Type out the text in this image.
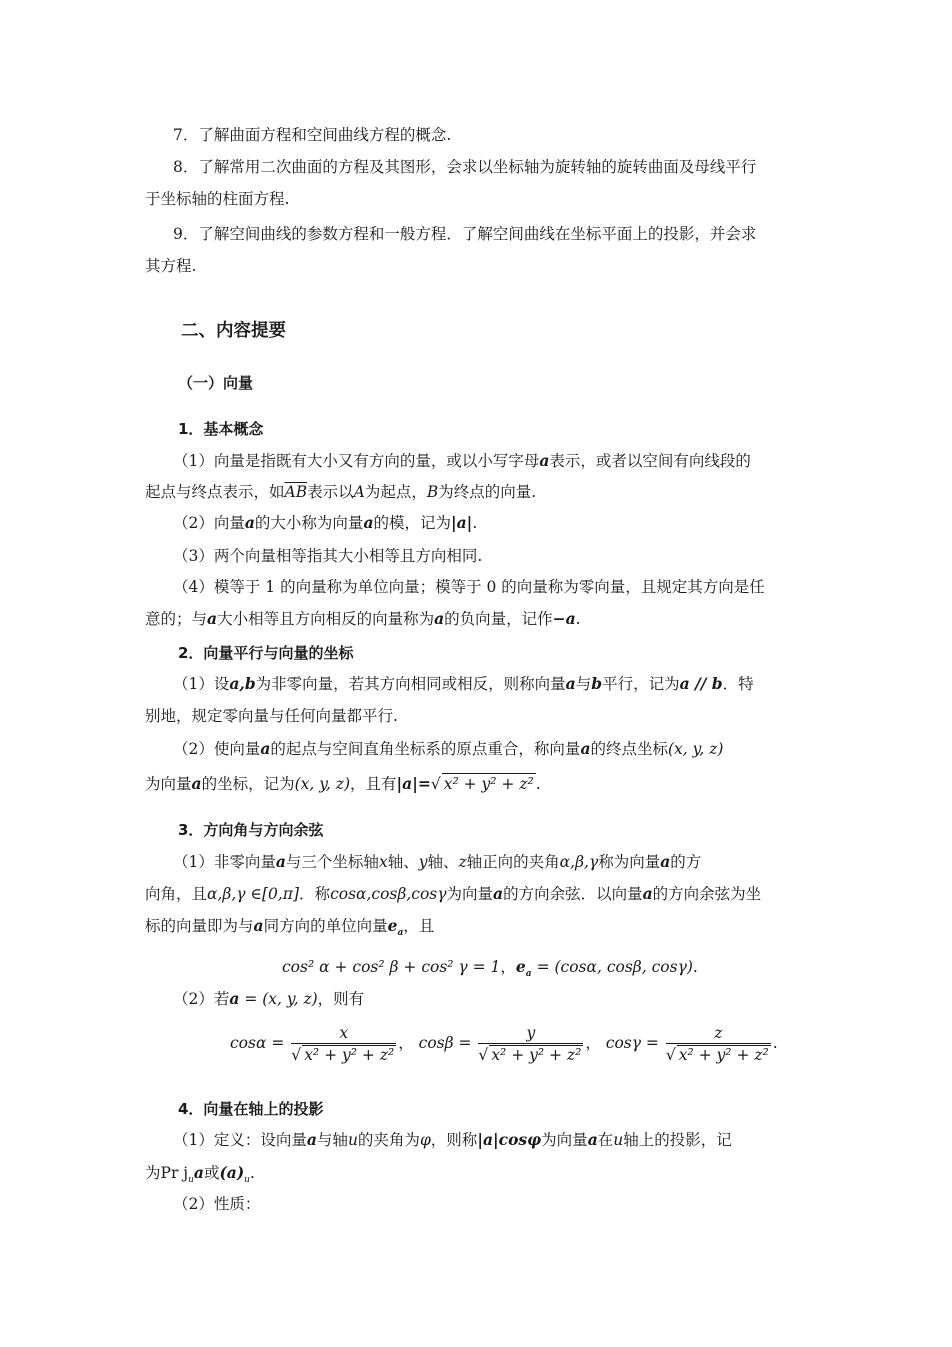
7．了解曲面方程和空间曲线方程的概念.
8．了解常用二次曲面的方程及其图形，会求以坐标轴为旋转轴的旋转曲面及母线平行
于坐标轴的柱面方程.
9．了解空间曲线的参数方程和一般方程．了解空间曲线在坐标平面上的投影，并会求
其方程.
二、内容提要
（一）向量
1．基本概念
（1）向量是指既有大小又有方向的量，或以小写字母a表示，或者以空间有向线段的
起点与终点表示，如$\overline{AB}$表示以A为起点，B为终点的向量.
（2）向量a的大小称为向量a的模，记为|a|.
（3）两个向量相等指其大小相等且方向相同.
（4）模等于 1 的向量称为单位向量；模等于 0 的向量称为零向量，且规定其方向是任
意的；与a大小相等且方向相反的向量称为a的负向量，记作−a.
2．向量平行与向量的坐标
（1）设a,b为非零向量，若其方向相同或相反，则称向量a与b平行，记为a // b．特
别地，规定零向量与任何向量都平行.
（2）使向量a的起点与空间直角坐标系的原点重合，称向量a的终点坐标(x, y, z)
为向量a的坐标，记为(x, y, z)，且有|a|=√ x² + y² + z² .
3．方向角与方向余弦
（1）非零向量a与三个坐标轴x轴、y轴、z轴正向的夹角α,β,γ称为向量a的方
向角，且α,β,γ ∈[0,π]．称cosα,cosβ,cosγ为向量a的方向余弦．以向量a的方向余弦为坐
标的向量即为与a同方向的单位向量$e_a$，且
cos² α + cos² β + cos² γ = 1，$e_a = (\cos\alpha$, cosβ, cosγ).
（2）若a = (x, y, z)，则有
$\cos\alpha = \frac{x}{\text{√ x² + y² + z²}}$ ， $\cos\beta = \frac{y}{\text{√ x² + y² + z²}}$ ， $\cos\gamma = \frac{z}{\text{√ x² + y² + z²}}$ .
4．向量在轴上的投影
（1）定义：设向量a与轴u的夹角为φ，则称|a|cosφ为向量a在u轴上的投影，记
为Pr $j_ua$或$(a)_u$.
（2）性质：
